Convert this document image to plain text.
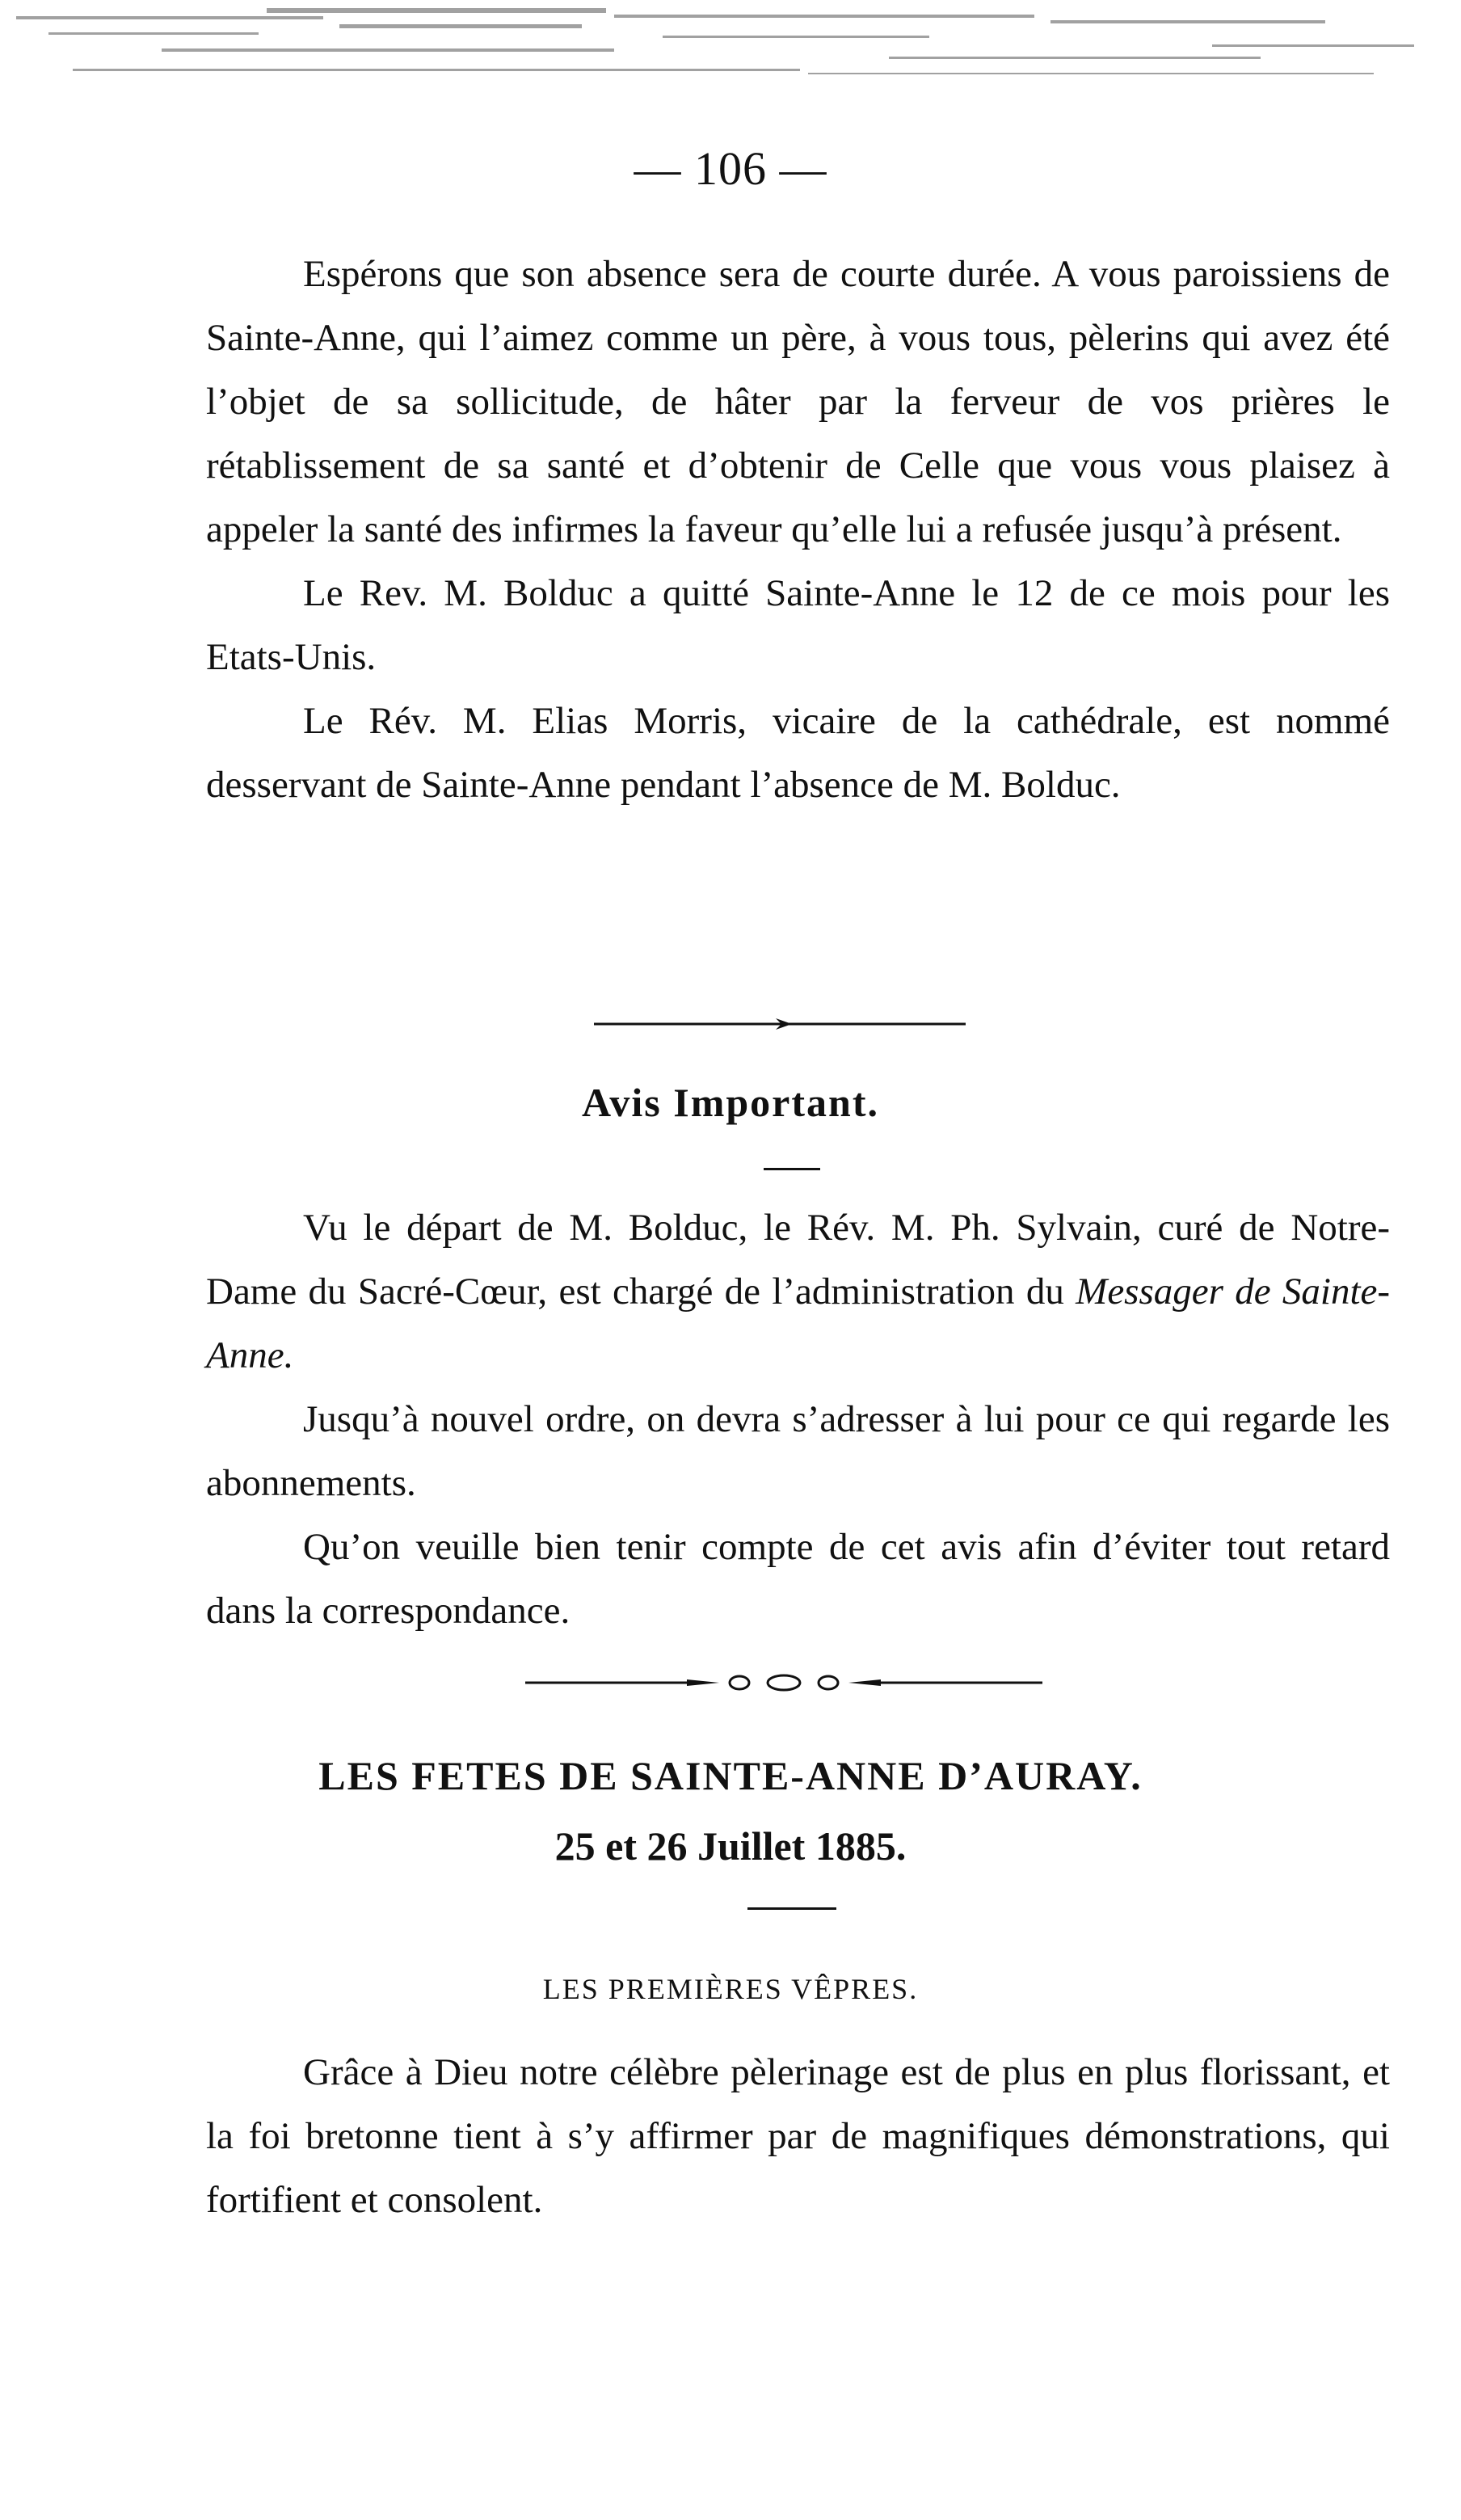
— 106 —

Espérons que son absence sera de courte durée. A vous paroissiens de Sainte-Anne, qui l’aimez comme un père, à vous tous, pèlerins qui avez été l’objet de sa sollicitude, de hâter par la ferveur de vos prières le rétablissement de sa santé et d’obtenir de Celle que vous vous plaisez à appeler la santé des infirmes la faveur qu’elle lui a refusée jusqu’à présent.

Le Rev. M. Bolduc a quitté Sainte-Anne le 12 de ce mois pour les Etats-Unis.

Le Rév. M. Elias Morris, vicaire de la cathédrale, est nommé desservant de Sainte-Anne pendant l’absence de M. Bolduc.

Avis Important.

Vu le départ de M. Bolduc, le Rév. M. Ph. Sylvain, curé de Notre-Dame du Sacré-Cœur, est chargé de l’administration du Messager de Sainte-Anne.

Jusqu’à nouvel ordre, on devra s’adresser à lui pour ce qui regarde les abonnements.

Qu’on veuille bien tenir compte de cet avis afin d’éviter tout retard dans la correspondance.

LES FETES DE SAINTE-ANNE D’AURAY.
25 et 26 Juillet 1885.
LES PREMIÈRES VÊPRES.

Grâce à Dieu notre célèbre pèlerinage est de plus en plus florissant, et la foi bretonne tient à s’y affirmer par de magnifiques démonstrations, qui fortifient et consolent.
